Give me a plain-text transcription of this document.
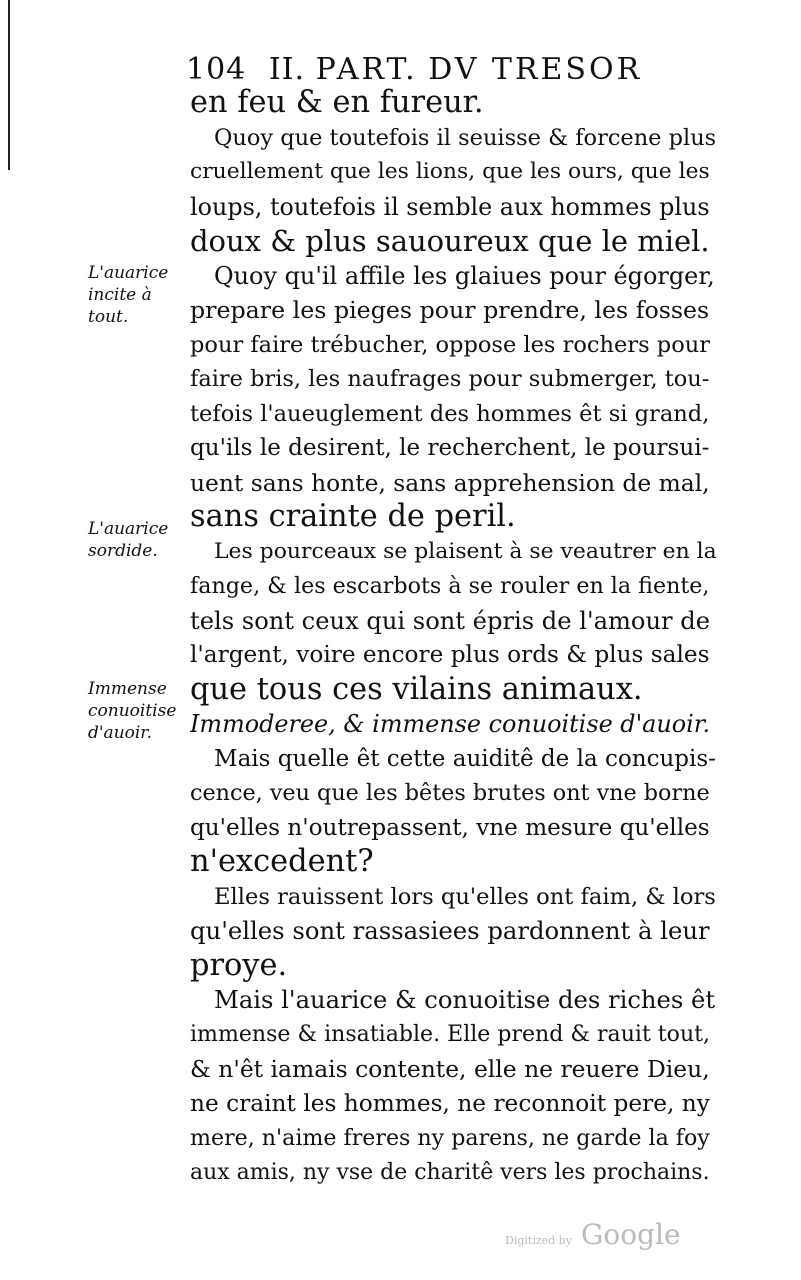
104 II. PART. DV TRESOR
L'auarice
incite à
tout.
L'auarice
sordide.
Immense
conuoitise
d'auoir.
en feu & en fureur.
Quoy que toutefois il seuisse & forcene plus
cruellement que les lions, que les ours, que les
loups, toutefois il semble aux hommes plus
doux & plus sauoureux que le miel.
Quoy qu'il affile les glaiues pour égorger,
prepare les pieges pour prendre, les fosses
pour faire trébucher, oppose les rochers pour
faire bris, les naufrages pour submerger, tou-
tefois l'aueuglement des hommes êt si grand,
qu'ils le desirent, le recherchent, le poursui-
uent sans honte, sans apprehension de mal,
sans crainte de peril.
Les pourceaux se plaisent à se veautrer en la
fange, & les escarbots à se rouler en la fiente,
tels sont ceux qui sont épris de l'amour de
l'argent, voire encore plus ords & plus sales
que tous ces vilains animaux.
Immoderee, & immense conuoitise d'auoir.
Mais quelle êt cette auiditê de la concupis-
cence, veu que les bêtes brutes ont vne borne
qu'elles n'outrepassent, vne mesure qu'elles
n'excedent?
Elles rauissent lors qu'elles ont faim, & lors
qu'elles sont rassasiees pardonnent à leur
proye.
Mais l'auarice & conuoitise des riches êt
immense & insatiable. Elle prend & rauit tout,
& n'êt iamais contente, elle ne reuere Dieu,
ne craint les hommes, ne reconnoit pere, ny
mere, n'aime freres ny parens, ne garde la foy
aux amis, ny vse de charitê vers les prochains.
Digitized by Google
